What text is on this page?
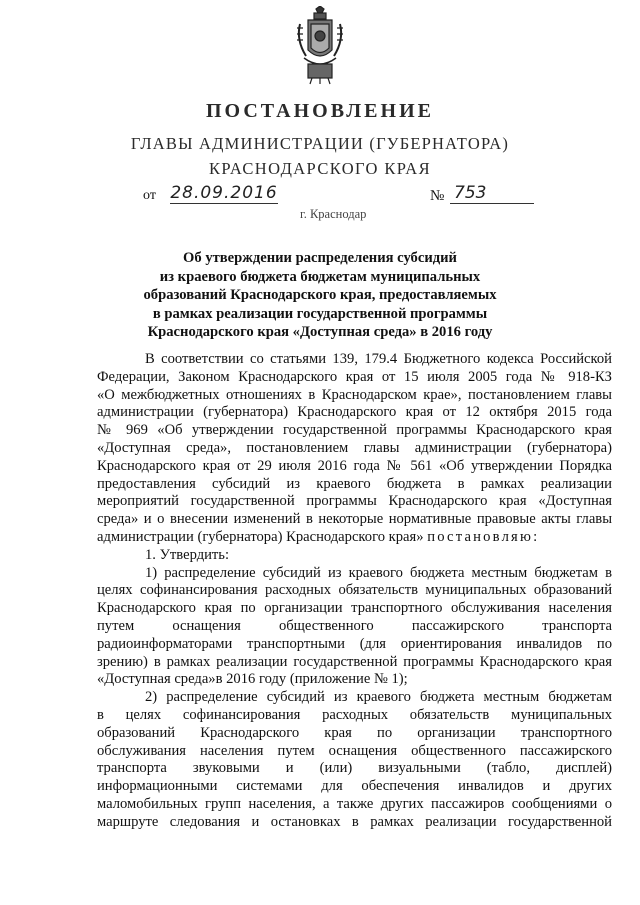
ПОСТАНОВЛЕНИЕ
ГЛАВЫ АДМИНИСТРАЦИИ (ГУБЕРНАТОРА)
КРАСНОДАРСКОГО КРАЯ
от 28.09.2016	№ 753
г. Краснодар
Об утверждении распределения субсидий
из краевого бюджета бюджетам муниципальных
образований Краснодарского края, предоставляемых
в рамках реализации государственной программы
Краснодарского края «Доступная среда» в 2016 году
В соответствии со статьями 139, 179.4 Бюджетного кодекса Российской
Федерации, Законом Краснодарского края от 15 июля 2005 года № 918-КЗ
«О межбюджетных отношениях в Краснодарском крае», постановлением главы
администрации (губернатора) Краснодарского края от 12 октября 2015 года
№ 969 «Об утверждении государственной программы Краснодарского края
«Доступная среда», постановлением главы администрации (губернатора)
Краснодарского края от 29 июля 2016 года № 561 «Об утверждении Порядка
предоставления субсидий из краевого бюджета в рамках реализации
мероприятий государственной программы Краснодарского края «Доступная
среда» и о внесении изменений в некоторые нормативные правовые акты главы
администрации (губернатора) Краснодарского края» постановляю:
1. Утвердить:
1) распределение субсидий из краевого бюджета местным бюджетам в
целях софинансирования расходных обязательств муниципальных образований
Краснодарского края по организации транспортного обслуживания населения
путем оснащения общественного пассажирского транспорта
радиоинформаторами транспортными (для ориентирования инвалидов по
зрению) в рамках реализации государственной программы Краснодарского края
«Доступная среда»в 2016 году (приложение № 1);
2) распределение субсидий из краевого бюджета местным бюджетам
в целях софинансирования расходных обязательств муниципальных
образований Краснодарского края по организации транспортного
обслуживания населения путем оснащения общественного пассажирского
транспорта звуковыми и (или) визуальными (табло, дисплей)
информационными системами для обеспечения инвалидов и других
маломобильных групп населения, а также других пассажиров сообщениями о
маршруте следования и остановках в рамках реализации государственной
